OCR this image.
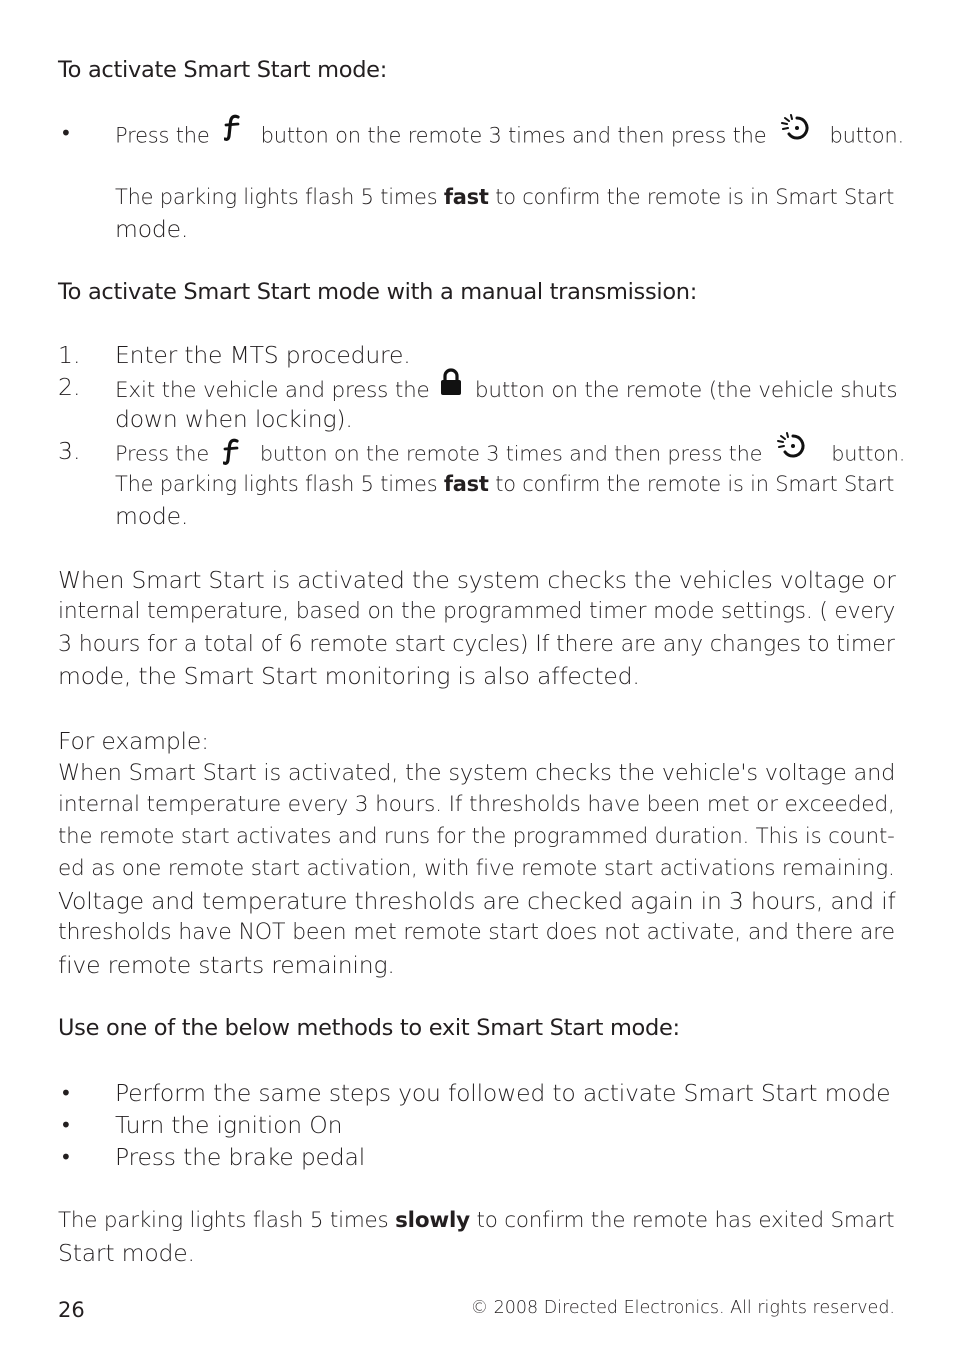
To activate Smart Start mode:
• Press the button on the remote 3 times and then press the	button.
The parking lights flash 5 times fast to confirm the remote is in Smart Start
mode.
To activate Smart Start mode with a manual transmission:
1. Enter the MTS procedure.
2. Exit the vehicle and press the button on the remote (the vehicle shuts
down when locking).
3. Press the button on the remote 3 times and then press the	button.
The parking lights flash 5 times fast to confirm the remote is in Smart Start
mode.
When Smart Start is activated the system checks the vehicles voltage or
internal temperature, based on the programmed timer mode settings. ( every
3 hours for a total of 6 remote start cycles) If there are any changes to timer
mode, the Smart Start monitoring is also affected.
For example:
When Smart Start is activated, the system checks the vehicle's voltage and
internal temperature every 3 hours. If thresholds have been met or exceeded,
the remote start activates and runs for the programmed duration. This is count-
ed as one remote start activation, with five remote start activations remaining.
Voltage and temperature thresholds are checked again in 3 hours, and if
thresholds have NOT been met remote start does not activate, and there are
five remote starts remaining.
Use one of the below methods to exit Smart Start mode:
• Perform the same steps you followed to activate Smart Start mode
• Turn the ignition On
• Press the brake pedal
The parking lights flash 5 times slowly to confirm the remote has exited Smart
Start mode.
26	© 2008 Directed Electronics. All rights reserved.
